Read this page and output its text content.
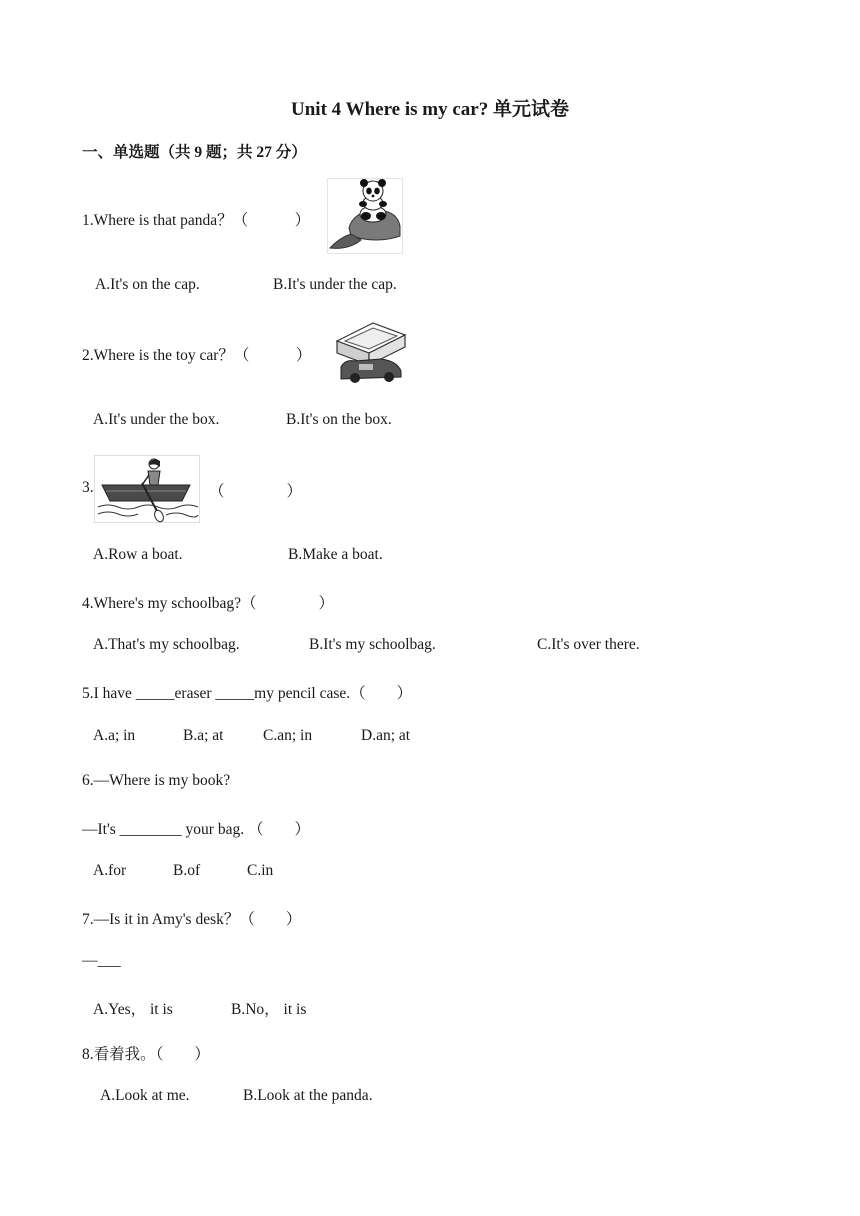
Unit 4 Where is my car? 单元试卷
一、单选题（共 9 题；共 27 分）
1.Where is that panda？（　　　）
A.It's on the cap.	B.It's under the cap.
2.Where is the toy car？（　　　）
A.It's under the box.	B.It's on the box.
3.	（　　　　）
A.Row a boat.	B.Make a boat.
4.Where's my schoolbag?（　　　　）
A.That's my schoolbag.	B.It's my schoolbag.	C.It's over there.
5.I have _____eraser _____my pencil case.（　　）
A.a; in	B.a; at	C.an; in	D.an; at
6.—Where is my book?
—It's ________ your bag. （　　）
A.for	B.of	C.in
7.—Is it in Amy's desk？（　　）
—___
A.Yes， it is	B.No， it is
8.看着我。（　　）
A.Look at me.	B.Look at the panda.
